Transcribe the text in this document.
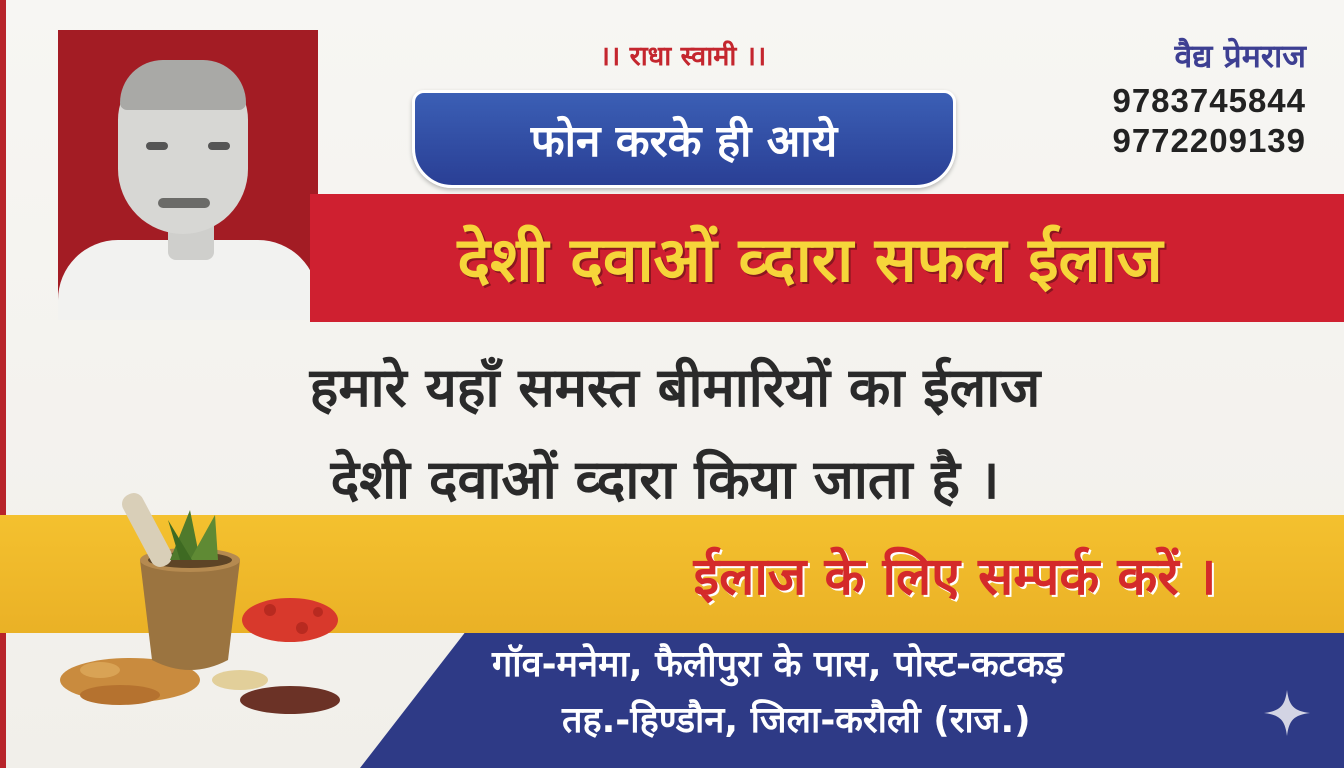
।। राधा स्वामी ।।
फोन करके ही आये
वैद्य प्रेमराज
9783745844
9772209139
देशी दवाओं व्दारा सफल ईलाज
हमारे यहाँ समस्त बीमारियों का ईलाज
देशी दवाओं व्दारा किया जाता है ।
ईलाज के लिए सम्पर्क करें ।
गॉव-मनेमा, फैलीपुरा के पास, पोस्ट-कटकड़
तह.-हिण्डौन, जिला-करौली (राज.)
